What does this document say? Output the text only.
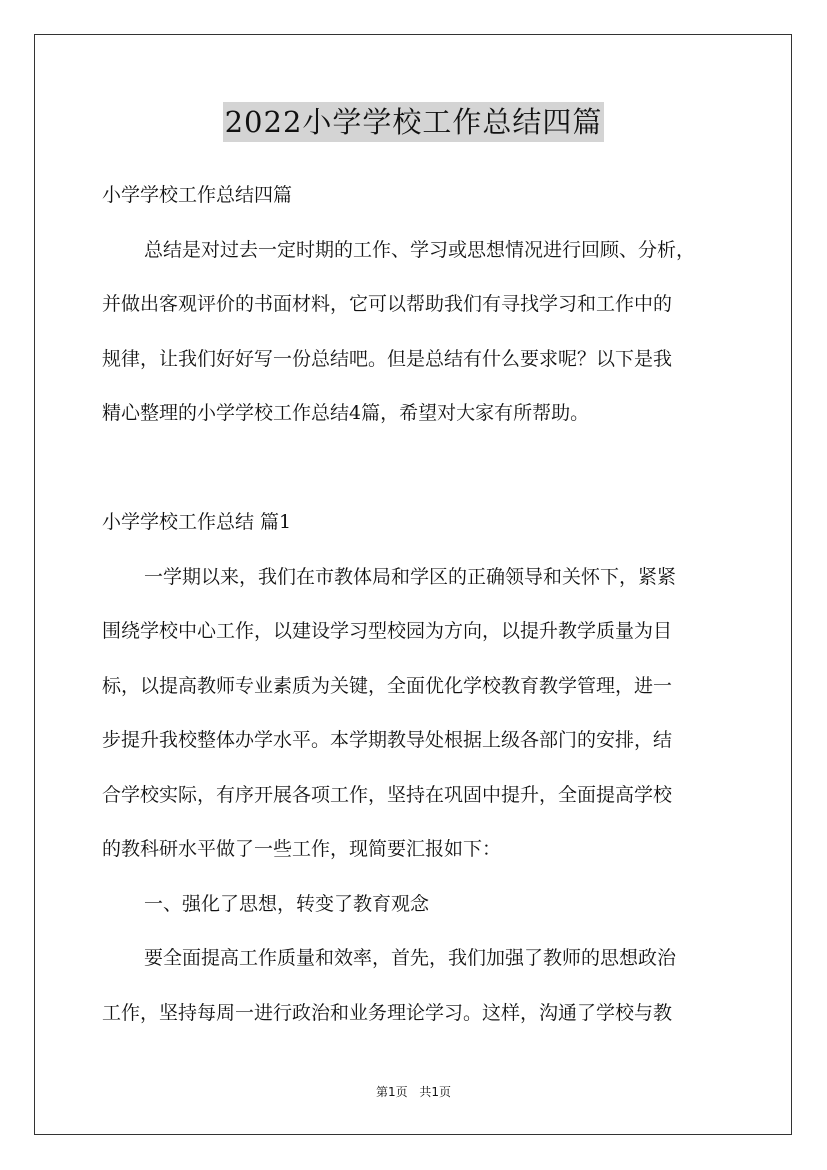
2022小学学校工作总结四篇
小学学校工作总结四篇
总结是对过去一定时期的工作、学习或思想情况进行回顾、分析，
并做出客观评价的书面材料，它可以帮助我们有寻找学习和工作中的
规律，让我们好好写一份总结吧。但是总结有什么要求呢？以下是我
精心整理的小学学校工作总结4篇，希望对大家有所帮助。
小学学校工作总结 篇1
一学期以来，我们在市教体局和学区的正确领导和关怀下，紧紧
围绕学校中心工作，以建设学习型校园为方向，以提升教学质量为目
标，以提高教师专业素质为关键，全面优化学校教育教学管理，进一
步提升我校整体办学水平。本学期教导处根据上级各部门的安排，结
合学校实际，有序开展各项工作，坚持在巩固中提升，全面提高学校
的教科研水平做了一些工作，现简要汇报如下：
一、强化了思想，转变了教育观念
要全面提高工作质量和效率，首先，我们加强了教师的思想政治
工作，坚持每周一进行政治和业务理论学习。这样，沟通了学校与教
第1页 共1页
